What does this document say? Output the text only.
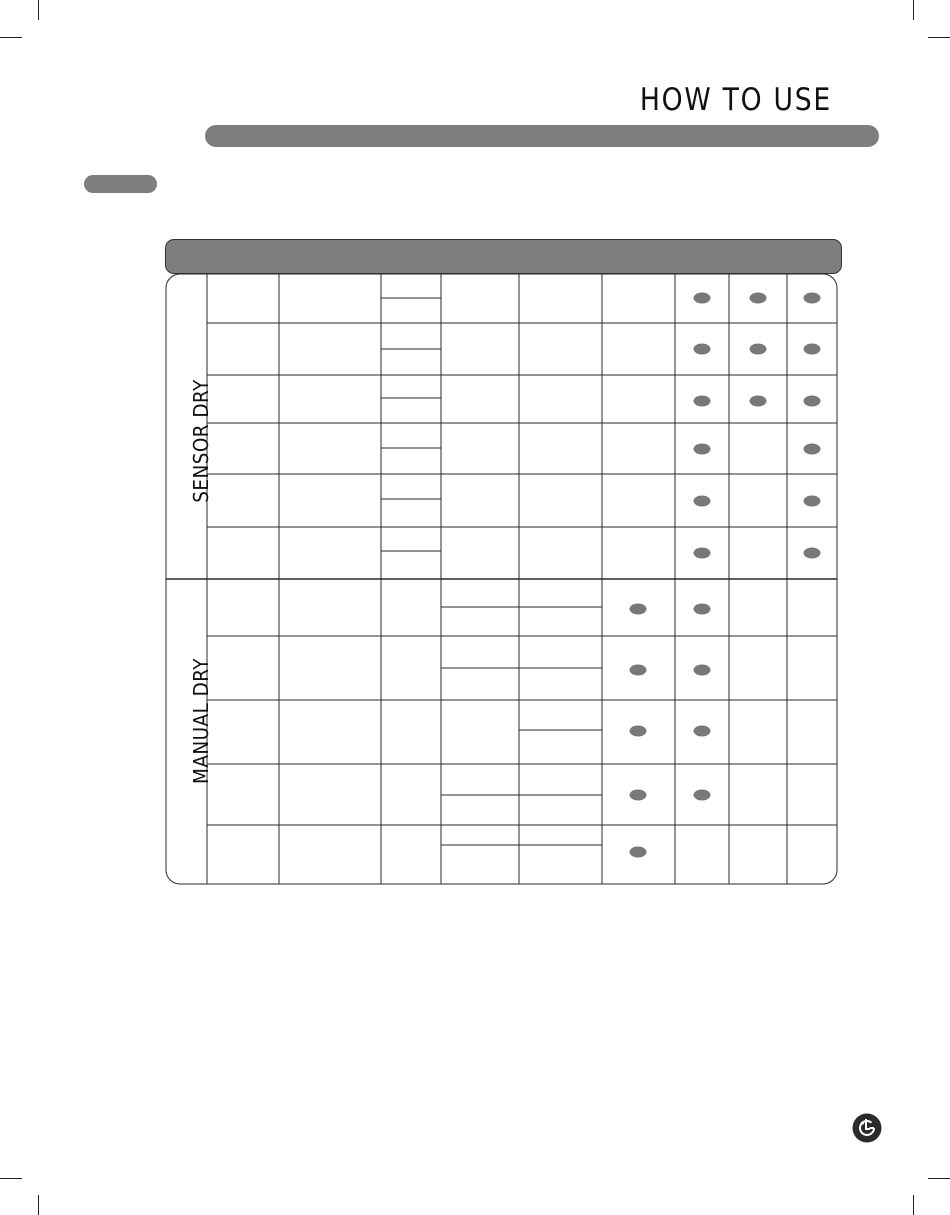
HOW TO USE
SENSOR DRY
MANUAL DRY
